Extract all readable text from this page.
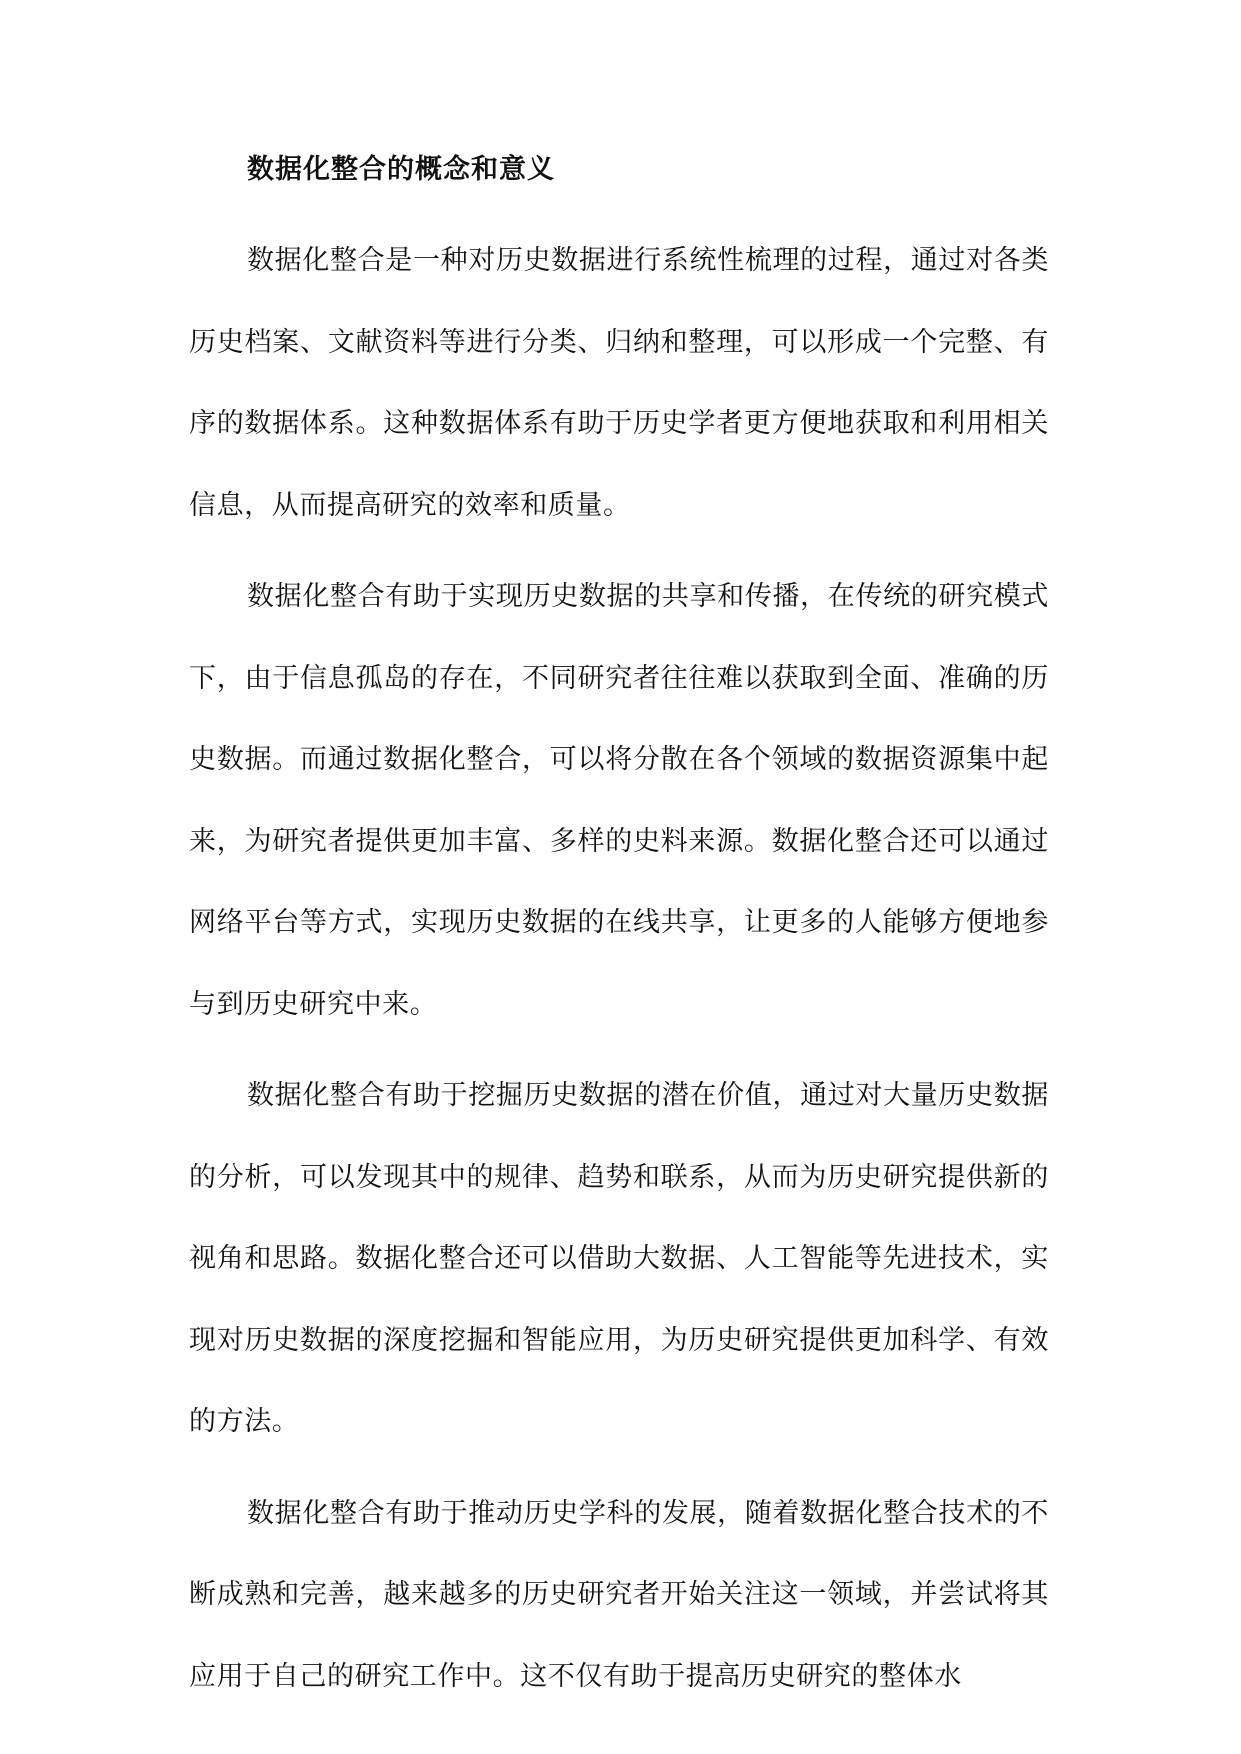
数据化整合的概念和意义

数据化整合是一种对历史数据进行系统性梳理的过程，通过对各类历史档案、文献资料等进行分类、归纳和整理，可以形成一个完整、有序的数据体系。这种数据体系有助于历史学者更方便地获取和利用相关信息，从而提高研究的效率和质量。

数据化整合有助于实现历史数据的共享和传播，在传统的研究模式下，由于信息孤岛的存在，不同研究者往往难以获取到全面、准确的历史数据。而通过数据化整合，可以将分散在各个领域的数据资源集中起来，为研究者提供更加丰富、多样的史料来源。数据化整合还可以通过网络平台等方式，实现历史数据的在线共享，让更多的人能够方便地参与到历史研究中来。

数据化整合有助于挖掘历史数据的潜在价值，通过对大量历史数据的分析，可以发现其中的规律、趋势和联系，从而为历史研究提供新的视角和思路。数据化整合还可以借助大数据、人工智能等先进技术，实现对历史数据的深度挖掘和智能应用，为历史研究提供更加科学、有效的方法。

数据化整合有助于推动历史学科的发展，随着数据化整合技术的不断成熟和完善，越来越多的历史研究者开始关注这一领域，并尝试将其应用于自己的研究工作中。这不仅有助于提高历史研究的整体水
